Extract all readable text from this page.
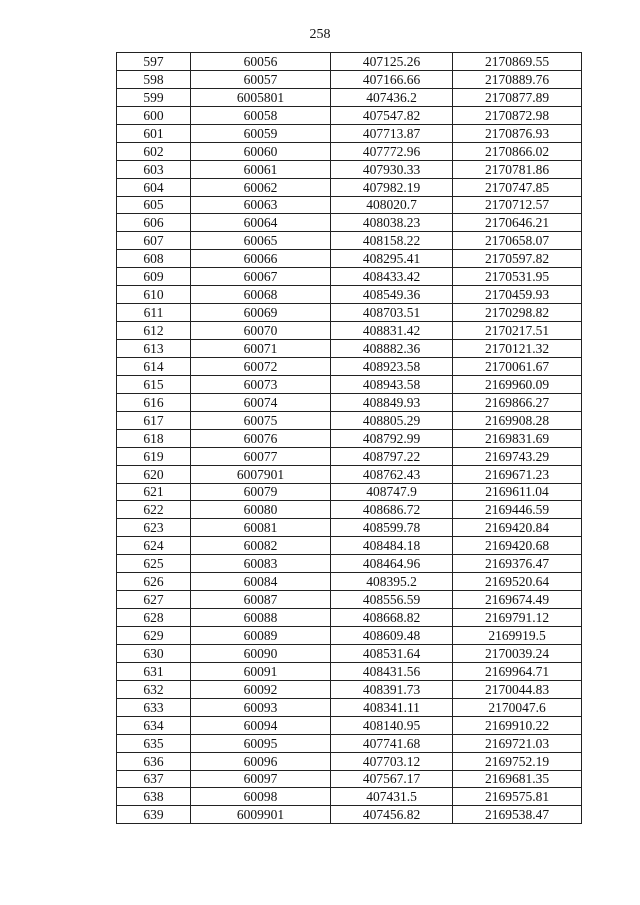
258
597	60056	407125.26	2170869.55
598	60057	407166.66	2170889.76
599	6005801	407436.2	2170877.89
600	60058	407547.82	2170872.98
601	60059	407713.87	2170876.93
602	60060	407772.96	2170866.02
603	60061	407930.33	2170781.86
604	60062	407982.19	2170747.85
605	60063	408020.7	2170712.57
606	60064	408038.23	2170646.21
607	60065	408158.22	2170658.07
608	60066	408295.41	2170597.82
609	60067	408433.42	2170531.95
610	60068	408549.36	2170459.93
611	60069	408703.51	2170298.82
612	60070	408831.42	2170217.51
613	60071	408882.36	2170121.32
614	60072	408923.58	2170061.67
615	60073	408943.58	2169960.09
616	60074	408849.93	2169866.27
617	60075	408805.29	2169908.28
618	60076	408792.99	2169831.69
619	60077	408797.22	2169743.29
620	6007901	408762.43	2169671.23
621	60079	408747.9	2169611.04
622	60080	408686.72	2169446.59
623	60081	408599.78	2169420.84
624	60082	408484.18	2169420.68
625	60083	408464.96	2169376.47
626	60084	408395.2	2169520.64
627	60087	408556.59	2169674.49
628	60088	408668.82	2169791.12
629	60089	408609.48	2169919.5
630	60090	408531.64	2170039.24
631	60091	408431.56	2169964.71
632	60092	408391.73	2170044.83
633	60093	408341.11	2170047.6
634	60094	408140.95	2169910.22
635	60095	407741.68	2169721.03
636	60096	407703.12	2169752.19
637	60097	407567.17	2169681.35
638	60098	407431.5	2169575.81
639	6009901	407456.82	2169538.47
